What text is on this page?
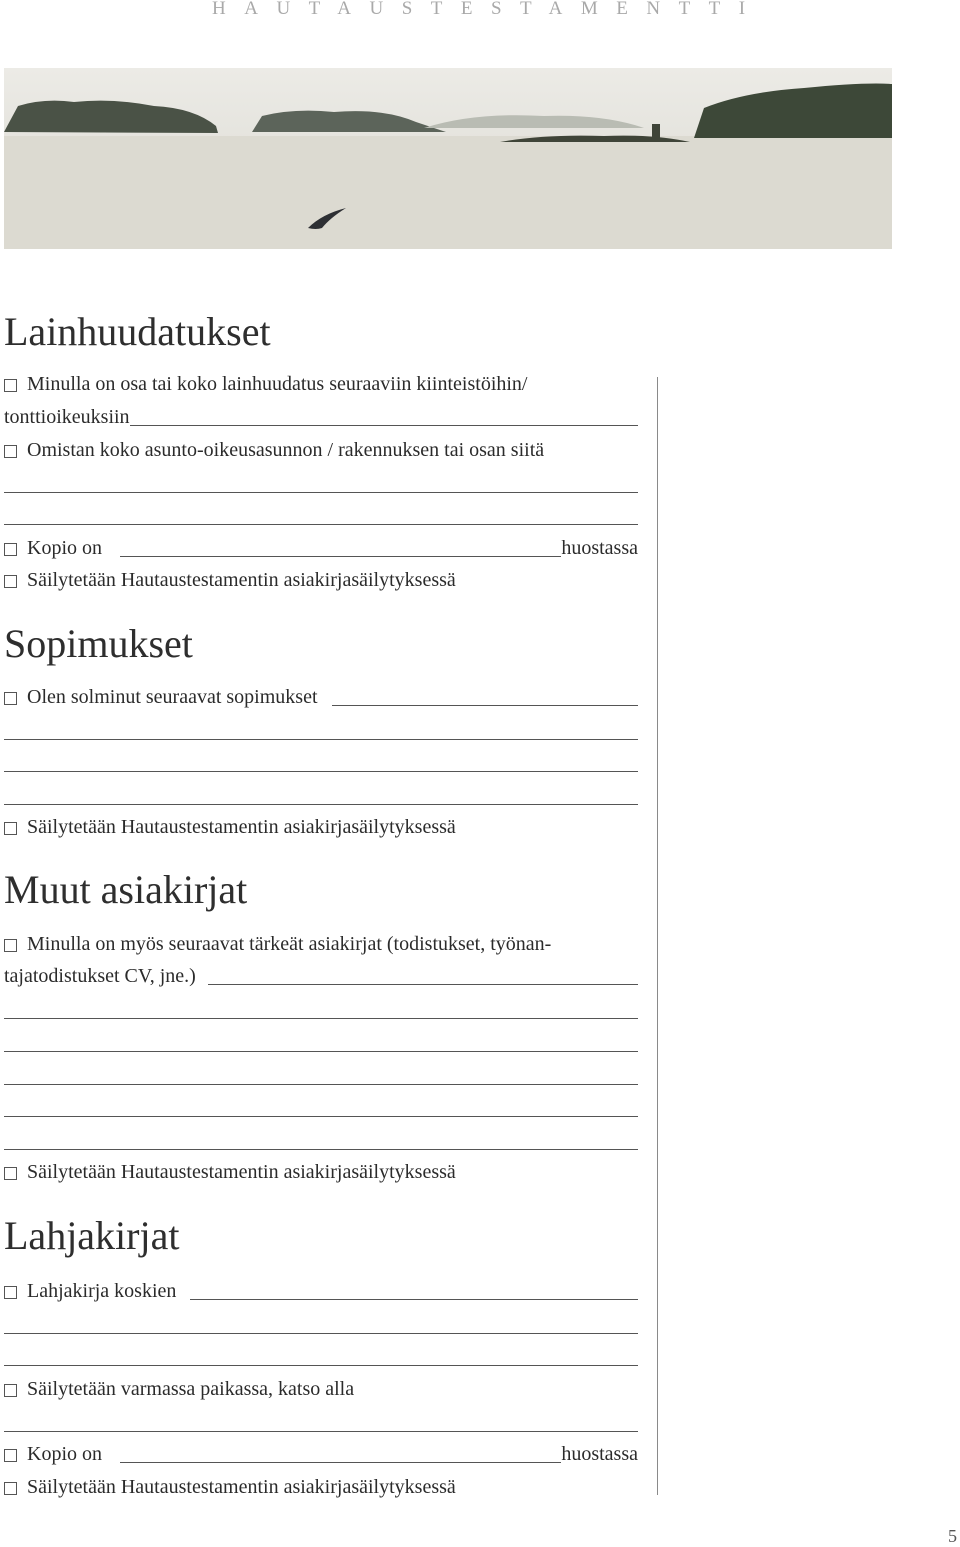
HAUTAUSTESTAMENTTI
Lainhuudatukset
Minulla on osa tai koko lainhuudatus seuraaviin kiinteistöihin/
tonttioikeuksiin
Omistan koko asunto-oikeusasunnon / rakennuksen tai osan siitä
Kopio on	huostassa
Säilytetään Hautaustestamentin asiakirjasäilytyksessä
Sopimukset
Olen solminut seuraavat sopimukset
Säilytetään Hautaustestamentin asiakirjasäilytyksessä
Muut asiakirjat
Minulla on myös seuraavat tärkeät asiakirjat (todistukset, työnan-
tajatodistukset CV, jne.)
Säilytetään Hautaustestamentin asiakirjasäilytyksessä
Lahjakirjat
Lahjakirja koskien
Säilytetään varmassa paikassa, katso alla
Kopio on	huostassa
Säilytetään Hautaustestamentin asiakirjasäilytyksessä
5
